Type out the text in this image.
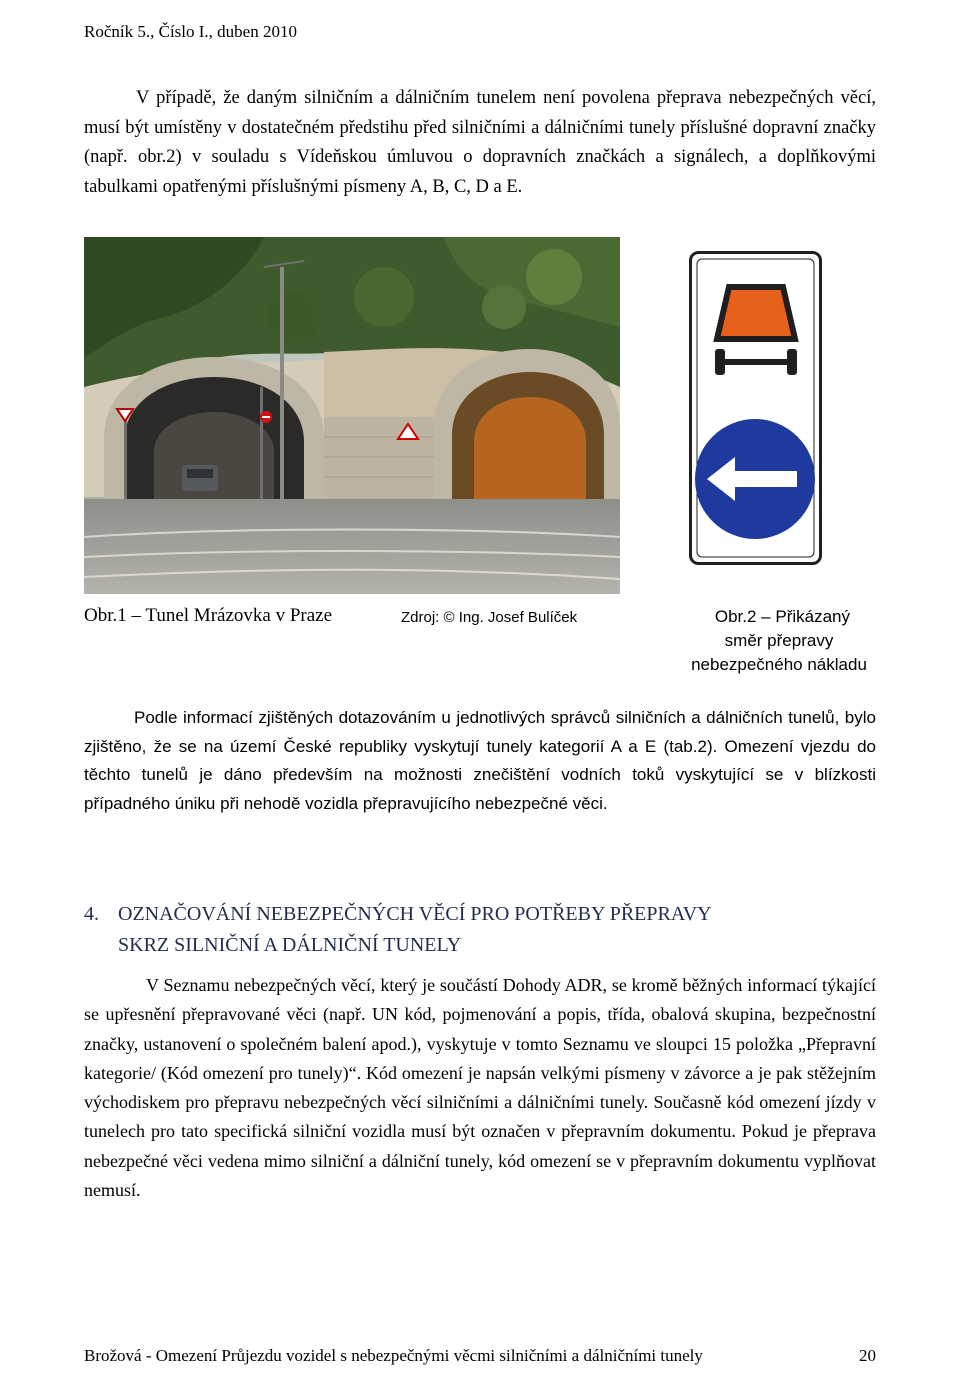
Ročník 5., Číslo I., duben 2010
V případě, že daným silničním a dálničním tunelem není povolena přeprava nebezpečných věcí, musí být umístěny v dostatečném předstihu před silničními a dálničními tunely příslušné dopravní značky (např. obr.2) v souladu s Vídeňskou úmluvou o dopravních značkách a signálech, a doplňkovými tabulkami opatřenými příslušnými písmeny A, B, C, D a E.
Obr.1 – Tunel Mrázovka v Praze	Zdroj: © Ing. Josef Bulíček	Obr.2 – Přikázaný
směr přepravy
nebezpečného nákladu
Podle informací zjištěných dotazováním u jednotlivých správců silničních a dálničních tunelů, bylo zjištěno, že se na území České republiky vyskytují tunely kategorií A a E (tab.2). Omezení vjezdu do těchto tunelů je dáno především na možnosti znečištění vodních toků vyskytující se v blízkosti případného úniku při nehodě vozidla přepravujícího nebezpečné věci.
4. OZNAČOVÁNÍ NEBEZPEČNÝCH VĚCÍ PRO POTŘEBY PŘEPRAVY
SKRZ SILNIČNÍ A DÁLNIČNÍ TUNELY
V Seznamu nebezpečných věcí, který je součástí Dohody ADR, se kromě běžných informací týkající se upřesnění přepravované věci (např. UN kód, pojmenování a popis, třída, obalová skupina, bezpečnostní značky, ustanovení o společném balení apod.), vyskytuje v tomto Seznamu ve sloupci 15 položka „Přepravní kategorie/ (Kód omezení pro tunely)“. Kód omezení je napsán velkými písmeny v závorce a je pak stěžejním východiskem pro přepravu nebezpečných věcí silničními a dálničními tunely. Současně kód omezení jízdy v tunelech pro tato specifická silniční vozidla musí být označen v přepravním dokumentu. Pokud je přeprava nebezpečné věci vedena mimo silniční a dálniční tunely, kód omezení se v přepravním dokumentu vyplňovat nemusí.
Brožová - Omezení Průjezdu vozidel s nebezpečnými věcmi silničními a dálničními tunely	20
